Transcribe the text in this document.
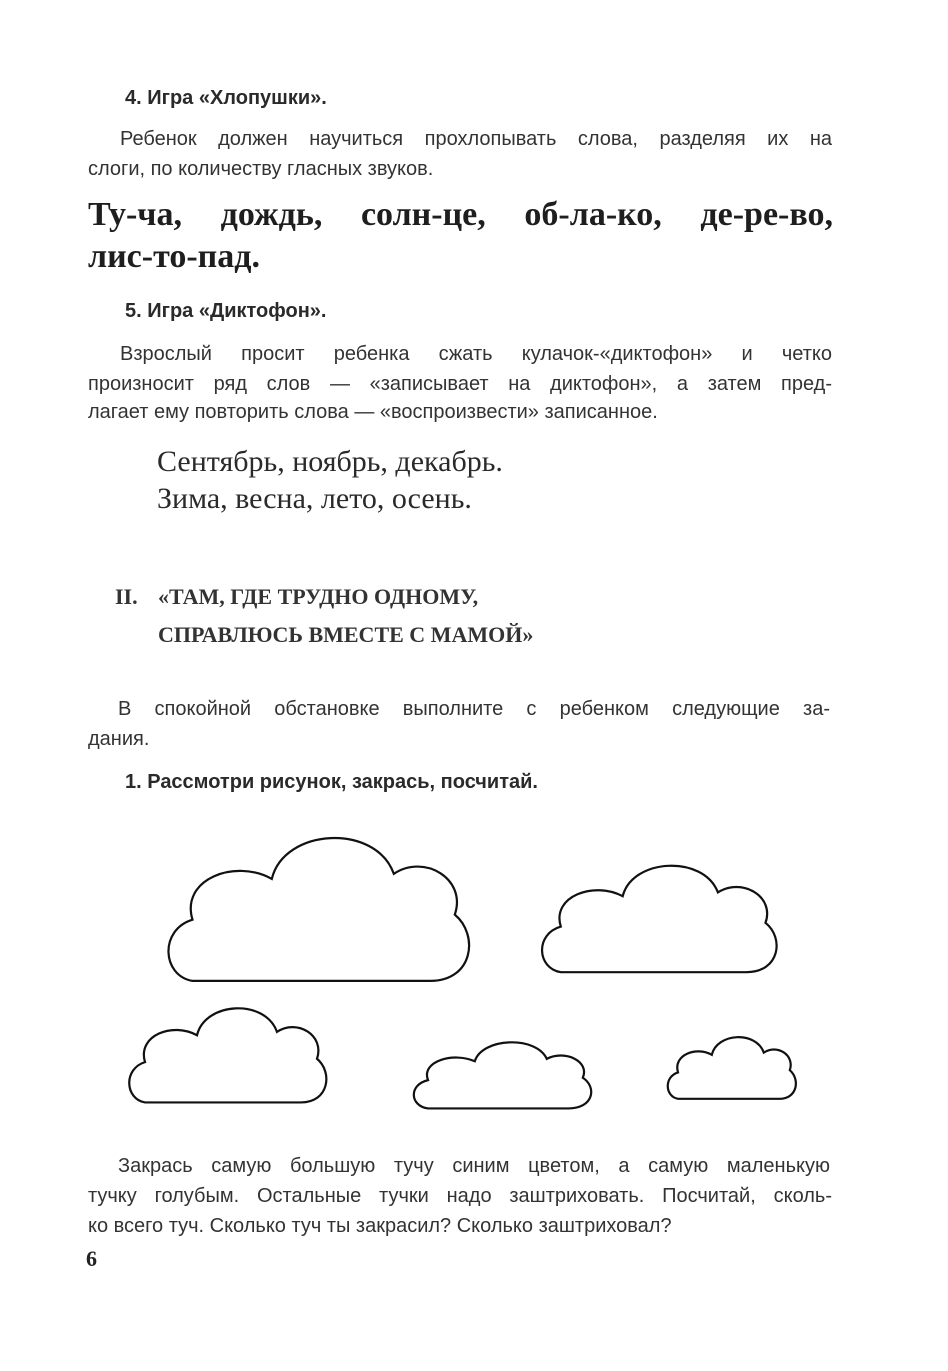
4. Игра «Хлопушки».
Ребенок должен научиться прохлопывать слова, разделяя их на
слоги, по количеству гласных звуков.
Ту-ча, дождь, солн-це, об-ла-ко, де-ре-во,
лис-то-пад.
5. Игра «Диктофон».
Взрослый просит ребенка сжать кулачок-«диктофон» и четко
произносит ряд слов — «записывает на диктофон», а затем пред-
лагает ему повторить слова — «воспроизвести» записанное.
Сентябрь, ноябрь, декабрь.
Зима, весна, лето, осень.
II. «ТАМ, ГДЕ ТРУДНО ОДНОМУ,
СПРАВЛЮСЬ ВМЕСТЕ С МАМОЙ»
В спокойной обстановке выполните с ребенком следующие за-
дания.
1. Рассмотри рисунок, закрась, посчитай.
Закрась самую большую тучу синим цветом, а самую маленькую
тучку голубым. Остальные тучки надо заштриховать. Посчитай, сколь-
ко всего туч. Сколько туч ты закрасил? Сколько заштриховал?
6
